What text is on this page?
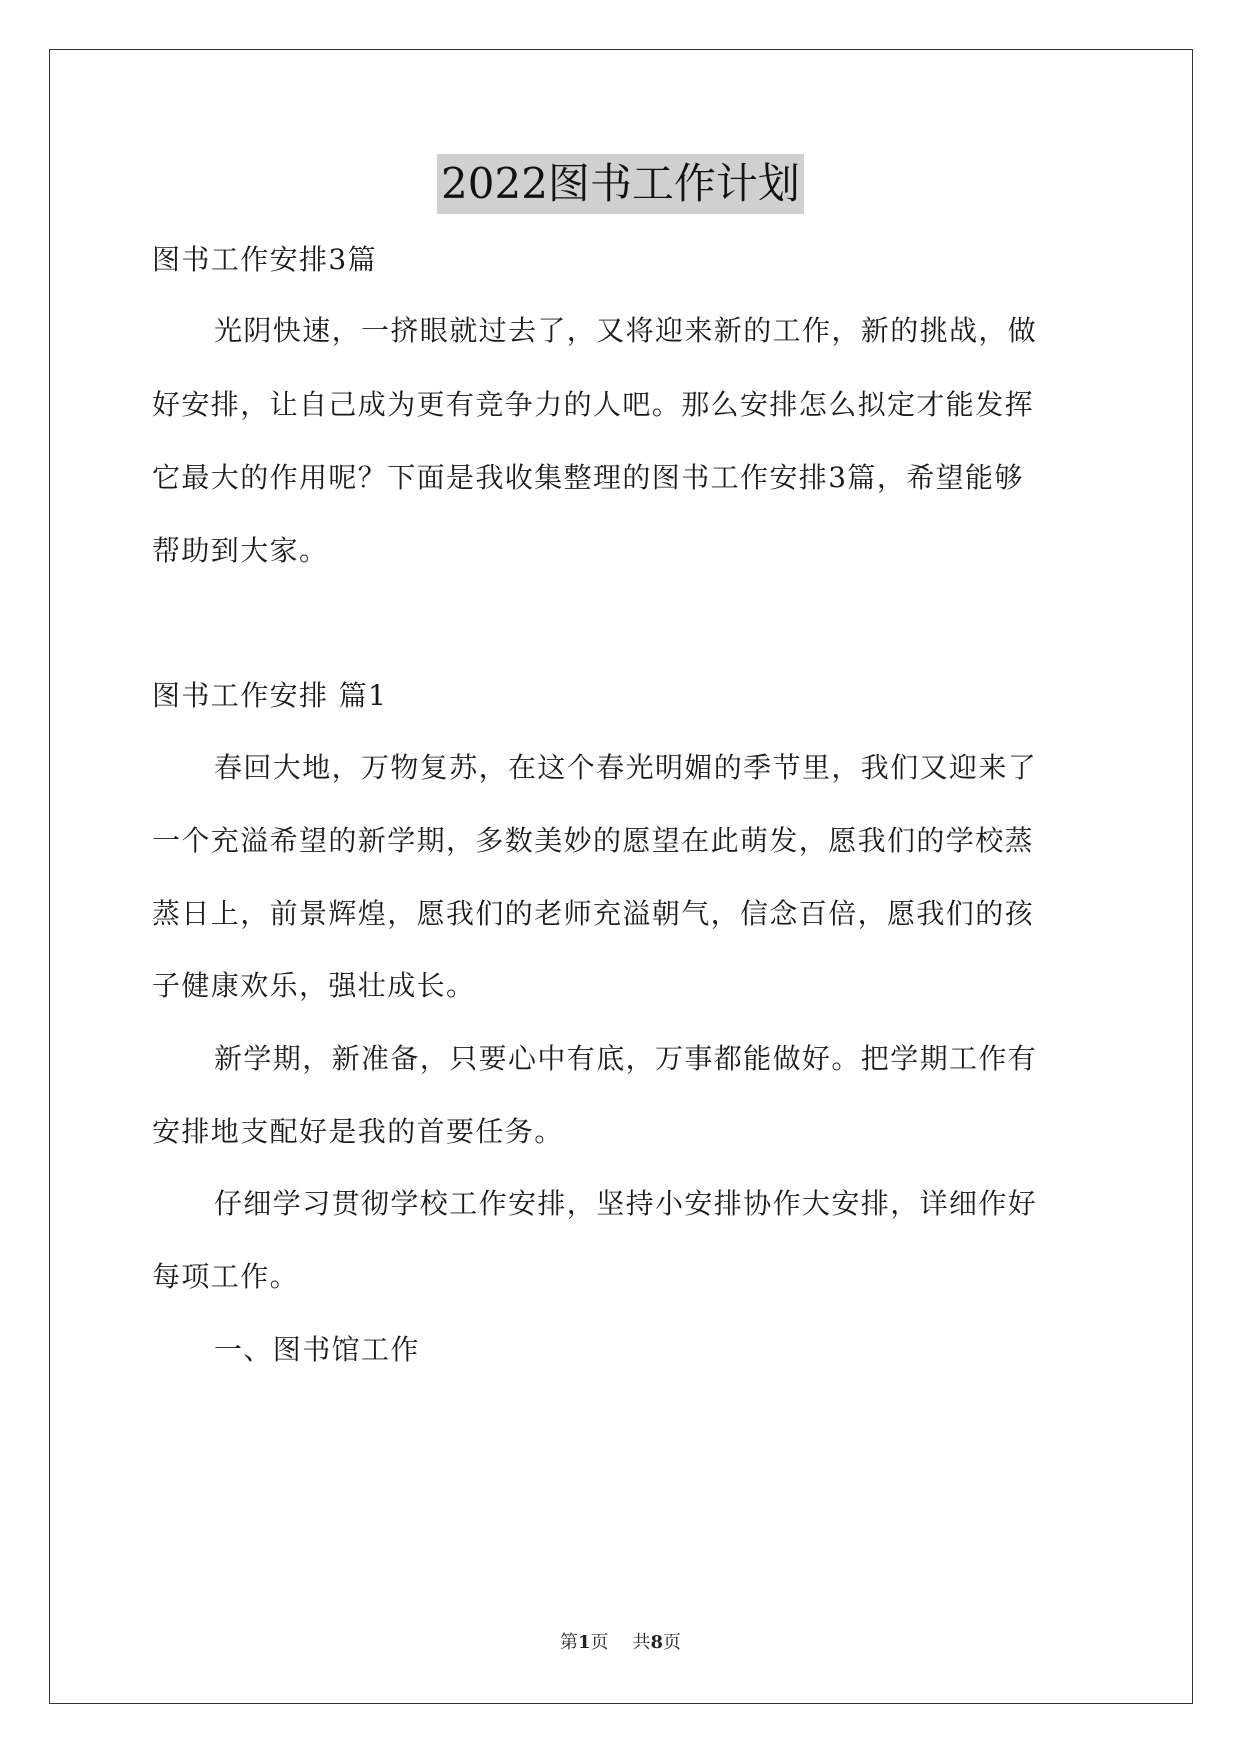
2022图书工作计划
图书工作安排3篇
光阴快速，一挤眼就过去了，又将迎来新的工作，新的挑战，做
好安排，让自己成为更有竞争力的人吧。那么安排怎么拟定才能发挥
它最大的作用呢？下面是我收集整理的图书工作安排3篇，希望能够
帮助到大家。
图书工作安排 篇1
春回大地，万物复苏，在这个春光明媚的季节里，我们又迎来了
一个充溢希望的新学期，多数美妙的愿望在此萌发，愿我们的学校蒸
蒸日上，前景辉煌，愿我们的老师充溢朝气，信念百倍，愿我们的孩
子健康欢乐，强壮成长。
新学期，新准备，只要心中有底，万事都能做好。把学期工作有
安排地支配好是我的首要任务。
仔细学习贯彻学校工作安排，坚持小安排协作大安排，详细作好
每项工作。
一、图书馆工作
第1页 共8页
